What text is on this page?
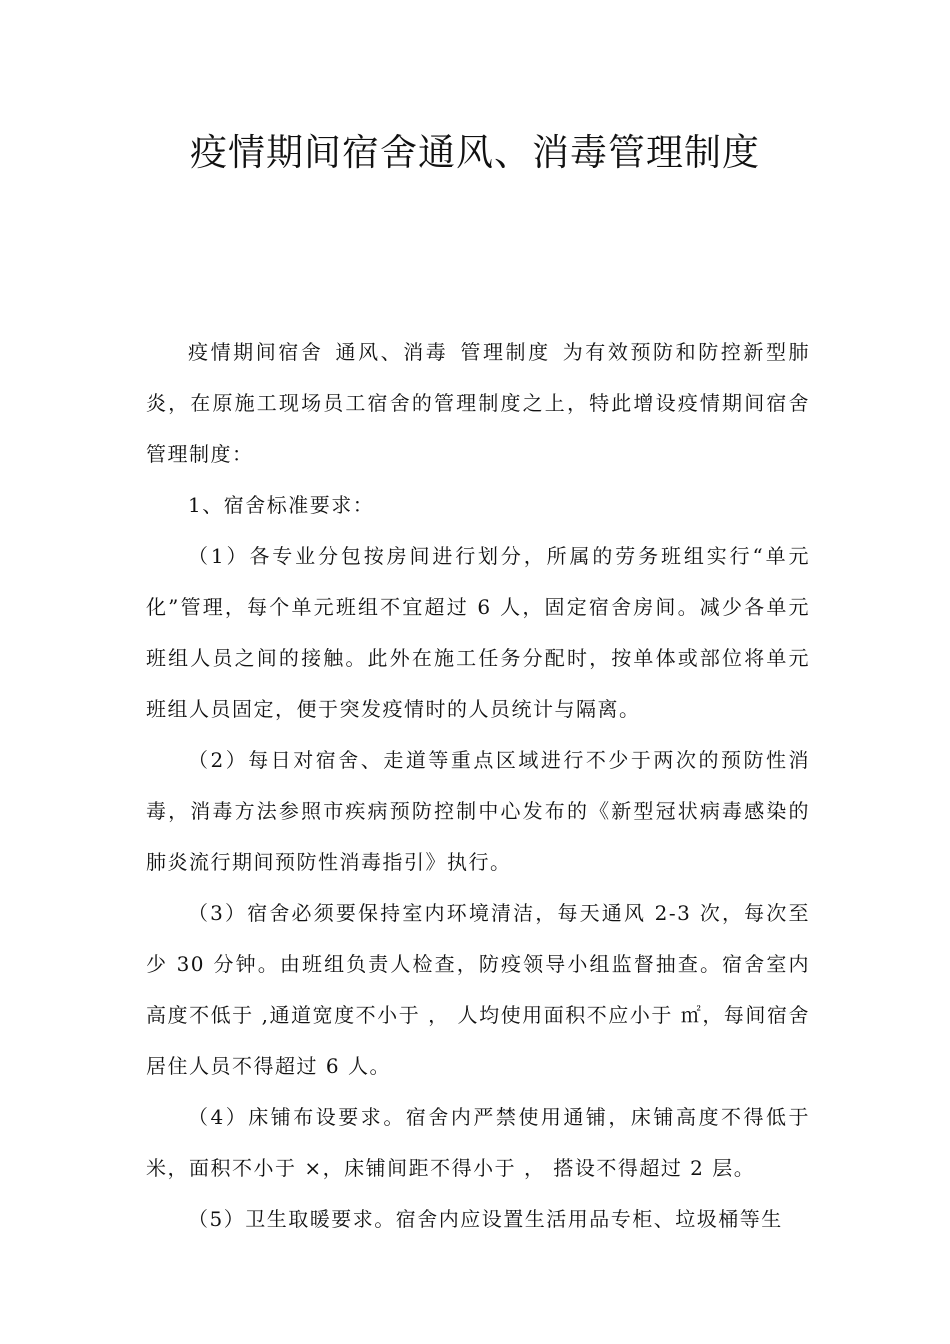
疫情期间宿舍通风、消毒管理制度

疫情期间宿舍 通风、消毒 管理制度 为有效预防和防控新型肺炎，在原施工现场员工宿舍的管理制度之上，特此增设疫情期间宿舍管理制度：

1、宿舍标准要求：

（1）各专业分包按房间进行划分，所属的劳务班组实行“单元化”管理，每个单元班组不宜超过 6 人，固定宿舍房间。减少各单元班组人员之间的接触。此外在施工任务分配时，按单体或部位将单元班组人员固定，便于突发疫情时的人员统计与隔离。

（2）每日对宿舍、走道等重点区域进行不少于两次的预防性消毒，消毒方法参照市疾病预防控制中心发布的《新型冠状病毒感染的肺炎流行期间预防性消毒指引》执行。

（3）宿舍必须要保持室内环境清洁，每天通风 2-3 次，每次至少 30 分钟。由班组负责人检查，防疫领导小组监督抽查。宿舍室内高度不低于 ,通道宽度不小于 ， 人均使用面积不应小于 ㎡，每间宿舍居住人员不得超过 6 人。

（4）床铺布设要求。宿舍内严禁使用通铺，床铺高度不得低于米，面积不小于 ×，床铺间距不得小于 ， 搭设不得超过 2 层。

（5）卫生取暖要求。宿舍内应设置生活用品专柜、垃圾桶等生
